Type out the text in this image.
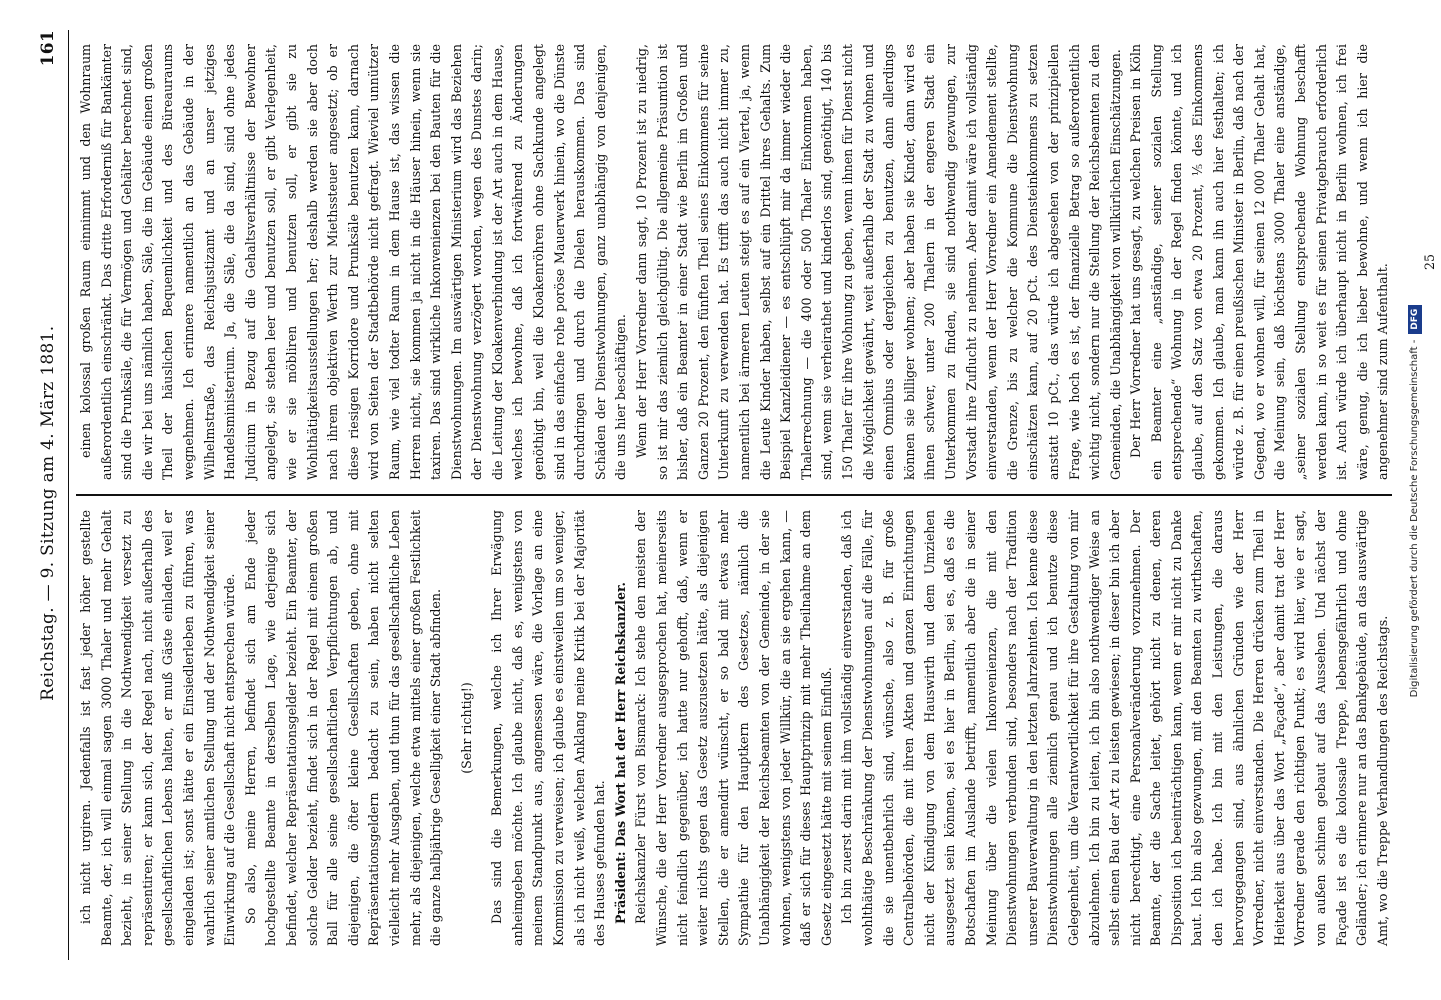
Reichstag. — 9. Sitzung am 4. März 1881.
161

ich nicht urgiren. Jedenfalls ist fast jeder höher gestellte Beamte, der, ich will einmal sagen 3000 Thaler und mehr Gehalt bezieht, in seiner Stellung in die Nothwendigkeit versetzt zu repräsentiren; er kann sich, der Regel nach, nicht außerhalb des gesellschaftlichen Lebens halten, er muß Gäste einladen, weil er eingeladen ist; sonst hätte er ein Einsiedlerleben zu führen, was wahrlich seiner amtlichen Stellung und der Nothwendigkeit seiner Einwirkung auf die Gesellschaft nicht entsprechen würde. So also, meine Herren, befindet sich am Ende jeder hochgestellte Beamte in derselben Lage, wie derjenige sich befindet, welcher Repräsentationsgelder bezieht. Ein Beamter, der solche Gelder bezieht, findet sich in der Regel mit einem großen Ball für alle seine gesellschaftlichen Verpflichtungen ab, und diejenigen, die öfter kleine Gesellschaften geben, ohne mit Repräsentationsgeldern bedacht zu sein, haben nicht selten vielleicht mehr Ausgaben, und thun für das gesellschaftliche Leben mehr, als diejenigen, welche etwa mittels einer großen Festlichkeit die ganze halbjährige Geselligkeit einer Stadt abfinden. (Sehr richtig!) Das sind die Bemerkungen, welche ich Ihrer Erwägung anheimgeben möchte. Ich glaube nicht, daß es, wenigstens von meinem Standpunkt aus, angemessen wäre, die Vorlage an eine Kommission zu verweisen; ich glaube es einstweilen um so weniger, als ich nicht weiß, welchen Anklang meine Kritik bei der Majorität des Hauses gefunden hat. Präsident: Das Wort hat der Herr Reichskanzler. Reichskanzler Fürst von Bismarck: Ich stehe den meisten der Wünsche, die der Herr Vorredner ausgesprochen hat, meinerseits nicht feindlich gegenüber, ich hatte nur gehofft, daß, wenn er weiter nichts gegen das Gesetz auszusetzen hätte, als diejenigen Stellen, die er amendirt wünscht, er so bald mit etwas mehr Sympathie für den Hauptkern des Gesetzes, nämlich die Unabhängigkeit der Reichsbeamten von der Gemeinde, in der sie wohnen, wenigstens von jeder Willkür, die an sie ergehen kann, — daß er sich für dieses Hauptprinzip mit mehr Theilnahme an dem Gesetz eingesetzt hätte mit seinem Einfluß. Ich bin zuerst darin mit ihm vollständig einverstanden, daß ich wohlthätige Beschränkung der Dienstwohnungen auf die Fälle, für die sie unentbehrlich sind, wünsche, also z. B. für große Centralbehörden, die mit ihren Akten und ganzen Einrichtungen nicht der Kündigung von dem Hauswirth und dem Umziehen ausgesetzt sein können, sei es hier in Berlin, sei es, daß es die Botschaften im Auslande betrifft, namentlich aber die in seiner Meinung über die vielen Inkonvenienzen, die mit den Dienstwohnungen verbunden sind, besonders nach der Tradition unserer Bauverwaltung in den letzten Jahrzehnten. Ich kenne diese Dienstwohnungen alle ziemlich genau und ich benutze diese Gelegenheit, um die Verantwortlichkeit für ihre Gestaltung von mir abzulehnen. Ich bin zu leiten, ich bin also nothwendiger Weise an selbst einen Bau der Art zu leisten gewiesen; in dieser bin ich aber nicht berechtigt, eine Personalveränderung vorzunehmen. Der Beamte, der die Sache leitet, gehört nicht zu denen, deren Disposition ich beeinträchtigen kann, wenn er mir nicht zu Danke baut. Ich bin also gezwungen, mit den Beamten zu wirthschaften, den ich habe. Ich bin mit den Leistungen, die daraus hervorgegangen sind, aus ähnlichen Gründen wie der Herr Vorredner, nicht einverstanden. Die Herren drücken zum Theil in Heiterkeit aus über das Wort „Façade“, aber damit trat der Herr Vorredner gerade den richtigen Punkt; es wird hier, wie er sagt, von außen schinen gebaut auf das Aussehen. Und nächst der Façade ist es die kolossale Treppe, lebensgefährlich und ohne Geländer; ich erinnere nur an das Bankgebäude, an das auswärtige Amt, wo die Treppe Verhandlungen des Reichstags.

einen kolossal großen Raum einnimmt und den Wohnraum außerordentlich einschränkt. Das dritte Erforderniß für Bankämter sind die Prunksäle, die für Vermögen und Gehälter berechnet sind, die wir bei uns nämlich haben, Säle, die im Gebäude einen großen Theil der häuslichen Bequemlichkeit und des Büreauraums wegnehmen. Ich erinnere namentlich an das Gebäude in der Wilhelmstraße, das Reichsjustizamt und an unser jetziges Handelsministerium. Ja, die Säle, die da sind, sind ohne jedes Judicium in Bezug auf die Gehaltsverhältnisse der Bewohner angelegt, sie stehen leer und benutzen soll, er gibt Verlegenheit, wie er sie möbliren und benutzen soll, er gibt sie zu Wohlthätigkeitsausstellungen her; deshalb werden sie aber doch nach ihrem objektiven Werth zur Miethssteuer angesetzt; ob er diese riesigen Korridore und Prunksäle benutzen kann, darnach wird von Seiten der Stadtbehörde nicht gefragt. Wieviel unnützer Raum, wie viel todter Raum in dem Hause ist, das wissen die Herren nicht, sie kommen ja nicht in die Häuser hinein, wenn sie taxiren. Das sind wirkliche Inkonvenienzen bei den Bauten für die Dienstwohnungen. Im auswärtigen Ministerium wird das Beziehen der Dienstwohnung verzögert worden, wegen des Dunstes darin; die Leitung der Kloakenverbindung ist der Art auch in dem Hause, welches ich bewohne, daß ich fortwährend zu Änderungen genöthigt bin, weil die Kloakenröhren ohne Sachkunde angelegt sind in das einfache rohe poröse Mauerwerk hinein, wo die Dünste durchdringen und durch die Dielen herauskommen. Das sind Schäden der Dienstwohnungen, ganz unabhängig von denjenigen, die uns hier beschäftigen. Wenn der Herr Vorredner dann sagt, 10 Prozent ist zu niedrig, so ist mir das ziemlich gleichgültig. Die allgemeine Präsumtion ist bisher, daß ein Beamter in einer Stadt wie Berlin im Großen und Ganzen 20 Prozent, den fünften Theil seines Einkommens für seine Unterkunft zu verwenden hat. Es trifft das auch nicht immer zu, namentlich bei ärmeren Leuten steigt es auf ein Viertel, ja, wenn die Leute Kinder haben, selbst auf ein Drittel ihres Gehalts. Zum Beispiel Kanzleidiener — es entschlüpft mir da immer wieder die Thalerrechnung — die 400 oder 500 Thaler Einkommen haben, sind, wenn sie verheirathet und kinderlos sind, genöthigt, 140 bis 150 Thaler für ihre Wohnung zu geben, wenn ihnen für Dienst nicht die Möglichkeit gewährt, weit außerhalb der Stadt zu wohnen und einen Omnibus oder dergleichen zu benutzen, dann allerdings können sie billiger wohnen; aber haben sie Kinder, dann wird es ihnen schwer, unter 200 Thalern in der engeren Stadt ein Unterkommen zu finden, sie sind nothwendig gezwungen, zur Vorstadt ihre Zuflucht zu nehmen. Aber damit wäre ich vollständig einverstanden, wenn der Herr Vorredner ein Amendement stellte, die Grenze, bis zu welcher die Kommune die Dienstwohnung einschätzen kann, auf 20 pCt. des Diensteinkommens zu setzen anstatt 10 pCt., das würde ich abgesehen von der prinzipiellen Frage, wie hoch es ist, der finanzielle Betrag so außerordentlich wichtig nicht, sondern nur die Stellung der Reichsbeamten zu den Gemeinden, die Unabhängigkeit von willkürlichen Einschätzungen. Der Herr Vorredner hat uns gesagt, zu welchen Preisen in Köln ein Beamter eine „anständige, seiner sozialen Stellung entsprechende“ Wohnung in der Regel finden könnte, und ich glaube, auf den Satz von etwa 20 Prozent, ⅕ des Einkommens gekommen. Ich glaube, man kann ihn auch hier festhalten; ich würde z. B. für einen preußischen Minister in Berlin, daß nach der Gegend, wo er wohnen will, für seinen 12 000 Thaler Gehalt hat, die Meinung sein, daß höchstens 3000 Thaler eine anständige, „seiner sozialen Stellung entsprechende Wohnung beschafft werden kann, in so weit es für seinen Privatgebrauch erforderlich ist. Auch würde ich überhaupt nicht in Berlin wohnen, ich frei wäre, genug, die ich lieber bewohne, und wenn ich hier die angenehmer sind zum Aufenthalt.

25

Digitalisierung gefördert durch die Deutsche Forschungsgemeinschaft -DFG
